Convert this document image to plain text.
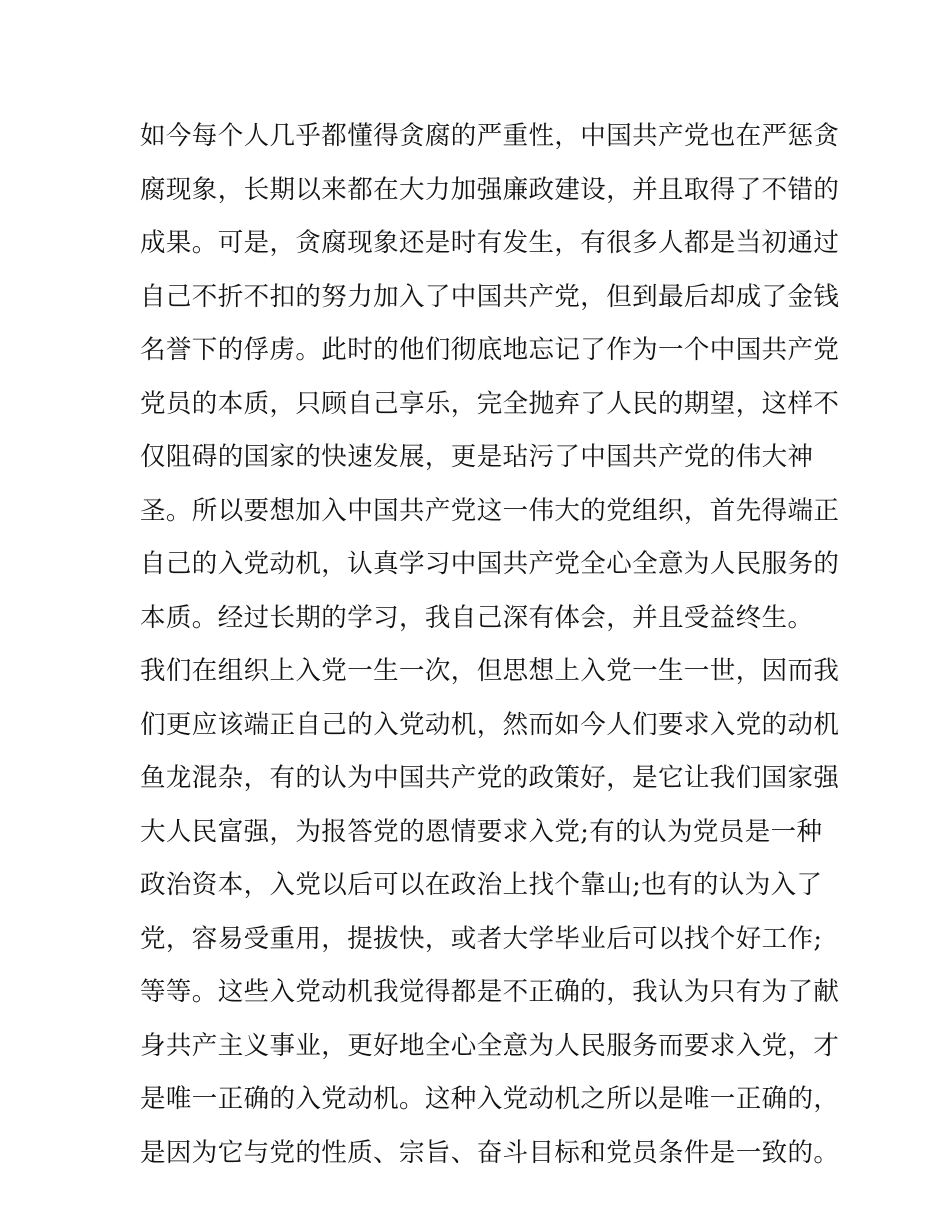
如今每个人几乎都懂得贪腐的严重性，中国共产党也在严惩贪
腐现象，长期以来都在大力加强廉政建设，并且取得了不错的
成果。可是，贪腐现象还是时有发生，有很多人都是当初通过
自己不折不扣的努力加入了中国共产党，但到最后却成了金钱
名誉下的俘虏。此时的他们彻底地忘记了作为一个中国共产党
党员的本质，只顾自己享乐，完全抛弃了人民的期望，这样不
仅阻碍的国家的快速发展，更是玷污了中国共产党的伟大神
圣。所以要想加入中国共产党这一伟大的党组织，首先得端正
自己的入党动机，认真学习中国共产党全心全意为人民服务的
本质。经过长期的学习，我自己深有体会，并且受益终生。
我们在组织上入党一生一次，但思想上入党一生一世，因而我
们更应该端正自己的入党动机，然而如今人们要求入党的动机
鱼龙混杂，有的认为中国共产党的政策好，是它让我们国家强
大人民富强，为报答党的恩情要求入党;有的认为党员是一种
政治资本，入党以后可以在政治上找个靠山;也有的认为入了
党，容易受重用，提拔快，或者大学毕业后可以找个好工作;
等等。这些入党动机我觉得都是不正确的，我认为只有为了献
身共产主义事业，更好地全心全意为人民服务而要求入党，才
是唯一正确的入党动机。这种入党动机之所以是唯一正确的，
是因为它与党的性质、宗旨、奋斗目标和党员条件是一致的。
